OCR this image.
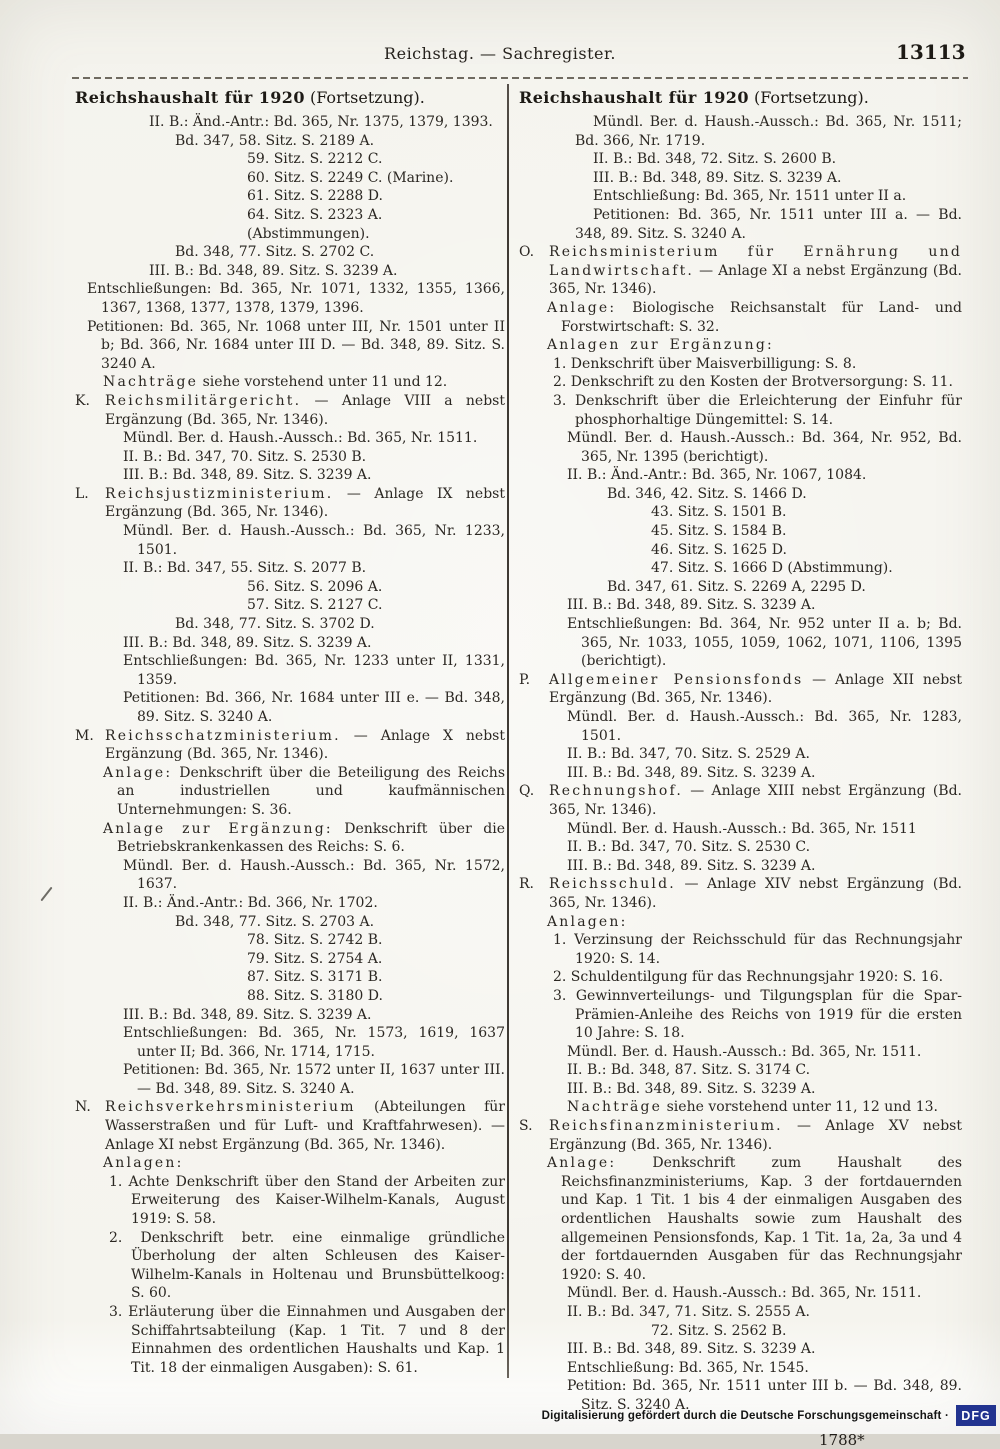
Reichstag. — Sachregister.	13113

Reichshaushalt für 1920 (Fortsetzung).

II. B.: Änd.-Antr.: Bd. 365, Nr. 1375, 1379, 1393.

Bd. 347, 58. Sitz. S. 2189 A.

59. Sitz. S. 2212 C.

60. Sitz. S. 2249 C. (Marine).

61. Sitz. S. 2288 D.

64. Sitz. S. 2323 A. (Abstimmungen).

Bd. 348, 77. Sitz. S. 2702 C.

III. B.: Bd. 348, 89. Sitz. S. 3239 A.

Entschließungen: Bd. 365, Nr. 1071, 1332, 1355, 1366, 1367, 1368, 1377, 1378, 1379, 1396.

Petitionen: Bd. 365, Nr. 1068 unter III, Nr. 1501 unter II b; Bd. 366, Nr. 1684 unter III D. — Bd. 348, 89. Sitz. S. 3240 A.

Nachträge siehe vorstehend unter 11 und 12.

K. Reichsmilitärgericht. — Anlage VIII a nebst Ergänzung (Bd. 365, Nr. 1346).

Mündl. Ber. d. Haush.-Aussch.: Bd. 365, Nr. 1511.

II. B.: Bd. 347, 70. Sitz. S. 2530 B.

III. B.: Bd. 348, 89. Sitz. S. 3239 A.

L. Reichsjustizministerium. — Anlage IX nebst Ergänzung (Bd. 365, Nr. 1346).

Mündl. Ber. d. Haush.-Aussch.: Bd. 365, Nr. 1233, 1501.

II. B.: Bd. 347, 55. Sitz. S. 2077 B.

56. Sitz. S. 2096 A.

57. Sitz. S. 2127 C.

Bd. 348, 77. Sitz. S. 3702 D.

III. B.: Bd. 348, 89. Sitz. S. 3239 A.

Entschließungen: Bd. 365, Nr. 1233 unter II, 1331, 1359.

Petitionen: Bd. 366, Nr. 1684 unter III e. — Bd. 348, 89. Sitz. S. 3240 A.

M. Reichsschatzministerium. — Anlage X nebst Ergänzung (Bd. 365, Nr. 1346).

Anlage: Denkschrift über die Beteiligung des Reichs an industriellen und kaufmännischen Unternehmungen: S. 36.

Anlage zur Ergänzung: Denkschrift über die Betriebskrankenkassen des Reichs: S. 6.

Mündl. Ber. d. Haush.-Aussch.: Bd. 365, Nr. 1572, 1637.

II. B.: Änd.-Antr.: Bd. 366, Nr. 1702.

Bd. 348, 77. Sitz. S. 2703 A.

78. Sitz. S. 2742 B.

79. Sitz. S. 2754 A.

87. Sitz. S. 3171 B.

88. Sitz. S. 3180 D.

III. B.: Bd. 348, 89. Sitz. S. 3239 A.

Entschließungen: Bd. 365, Nr. 1573, 1619, 1637 unter II; Bd. 366, Nr. 1714, 1715.

Petitionen: Bd. 365, Nr. 1572 unter II, 1637 unter III. — Bd. 348, 89. Sitz. S. 3240 A.

N. Reichsverkehrsministerium (Abteilungen für Wasserstraßen und für Luft- und Kraftfahrwesen). — Anlage XI nebst Ergänzung (Bd. 365, Nr. 1346).

Anlagen:

1. Achte Denkschrift über den Stand der Arbeiten zur Erweiterung des Kaiser-Wilhelm-Kanals, August 1919: S. 58.

2. Denkschrift betr. eine einmalige gründliche Überholung der alten Schleusen des Kaiser-Wilhelm-Kanals in Holtenau und Brunsbüttelkoog: S. 60.

3. Erläuterung über die Einnahmen und Ausgaben der Schiffahrtsabteilung (Kap. 1 Tit. 7 und 8 der Einnahmen des ordentlichen Haushalts und Kap. 1 Tit. 18 der einmaligen Ausgaben): S. 61.

Reichshaushalt für 1920 (Fortsetzung).

Mündl. Ber. d. Haush.-Aussch.: Bd. 365, Nr. 1511; Bd. 366, Nr. 1719.

II. B.: Bd. 348, 72. Sitz. S. 2600 B.

III. B.: Bd. 348, 89. Sitz. S. 3239 A.

Entschließung: Bd. 365, Nr. 1511 unter II a.

Petitionen: Bd. 365, Nr. 1511 unter III a. — Bd. 348, 89. Sitz. S. 3240 A.

O. Reichsministerium für Ernährung und Landwirtschaft. — Anlage XI a nebst Ergänzung (Bd. 365, Nr. 1346).

Anlage: Biologische Reichsanstalt für Land- und Forstwirtschaft: S. 32.

Anlagen zur Ergänzung:

1. Denkschrift über Maisverbilligung: S. 8.

2. Denkschrift zu den Kosten der Brotversorgung: S. 11.

3. Denkschrift über die Erleichterung der Einfuhr für phosphorhaltige Düngemittel: S. 14.

Mündl. Ber. d. Haush.-Aussch.: Bd. 364, Nr. 952, Bd. 365, Nr. 1395 (berichtigt).

II. B.: Änd.-Antr.: Bd. 365, Nr. 1067, 1084.

Bd. 346, 42. Sitz. S. 1466 D.

43. Sitz. S. 1501 B.

45. Sitz. S. 1584 B.

46. Sitz. S. 1625 D.

47. Sitz. S. 1666 D (Abstimmung).

Bd. 347, 61. Sitz. S. 2269 A, 2295 D.

III. B.: Bd. 348, 89. Sitz. S. 3239 A.

Entschließungen: Bd. 364, Nr. 952 unter II a. b; Bd. 365, Nr. 1033, 1055, 1059, 1062, 1071, 1106, 1395 (berichtigt).

P. Allgemeiner Pensionsfonds — Anlage XII nebst Ergänzung (Bd. 365, Nr. 1346).

Mündl. Ber. d. Haush.-Aussch.: Bd. 365, Nr. 1283, 1501.

II. B.: Bd. 347, 70. Sitz. S. 2529 A.

III. B.: Bd. 348, 89. Sitz. S. 3239 A.

Q. Rechnungshof. — Anlage XIII nebst Ergänzung (Bd. 365, Nr. 1346).

Mündl. Ber. d. Haush.-Aussch.: Bd. 365, Nr. 1511

II. B.: Bd. 347, 70. Sitz. S. 2530 C.

III. B.: Bd. 348, 89. Sitz. S. 3239 A.

R. Reichsschuld. — Anlage XIV nebst Ergänzung (Bd. 365, Nr. 1346).

Anlagen:

1. Verzinsung der Reichsschuld für das Rechnungsjahr 1920: S. 14.

2. Schuldentilgung für das Rechnungsjahr 1920: S. 16.

3. Gewinnverteilungs- und Tilgungsplan für die Spar-Prämien-Anleihe des Reichs von 1919 für die ersten 10 Jahre: S. 18.

Mündl. Ber. d. Haush.-Aussch.: Bd. 365, Nr. 1511.

II. B.: Bd. 348, 87. Sitz. S. 3174 C.

III. B.: Bd. 348, 89. Sitz. S. 3239 A.

Nachträge siehe vorstehend unter 11, 12 und 13.

S. Reichsfinanzministerium. — Anlage XV nebst Ergänzung (Bd. 365, Nr. 1346).

Anlage: Denkschrift zum Haushalt des Reichsfinanzministeriums, Kap. 3 der fortdauernden und Kap. 1 Tit. 1 bis 4 der einmaligen Ausgaben des ordentlichen Haushalts sowie zum Haushalt des allgemeinen Pensionsfonds, Kap. 1 Tit. 1a, 2a, 3a und 4 der fortdauernden Ausgaben für das Rechnungsjahr 1920: S. 40.

Mündl. Ber. d. Haush.-Aussch.: Bd. 365, Nr. 1511.

II. B.: Bd. 347, 71. Sitz. S. 2555 A.

72. Sitz. S. 2562 B.

III. B.: Bd. 348, 89. Sitz. S. 3239 A.

Entschließung: Bd. 365, Nr. 1545.

Petition: Bd. 365, Nr. 1511 unter III b. — Bd. 348, 89. Sitz. S. 3240 A.

1788*

Digitalisierung gefördert durch die Deutsche Forschungsgemeinschaft · DFG
